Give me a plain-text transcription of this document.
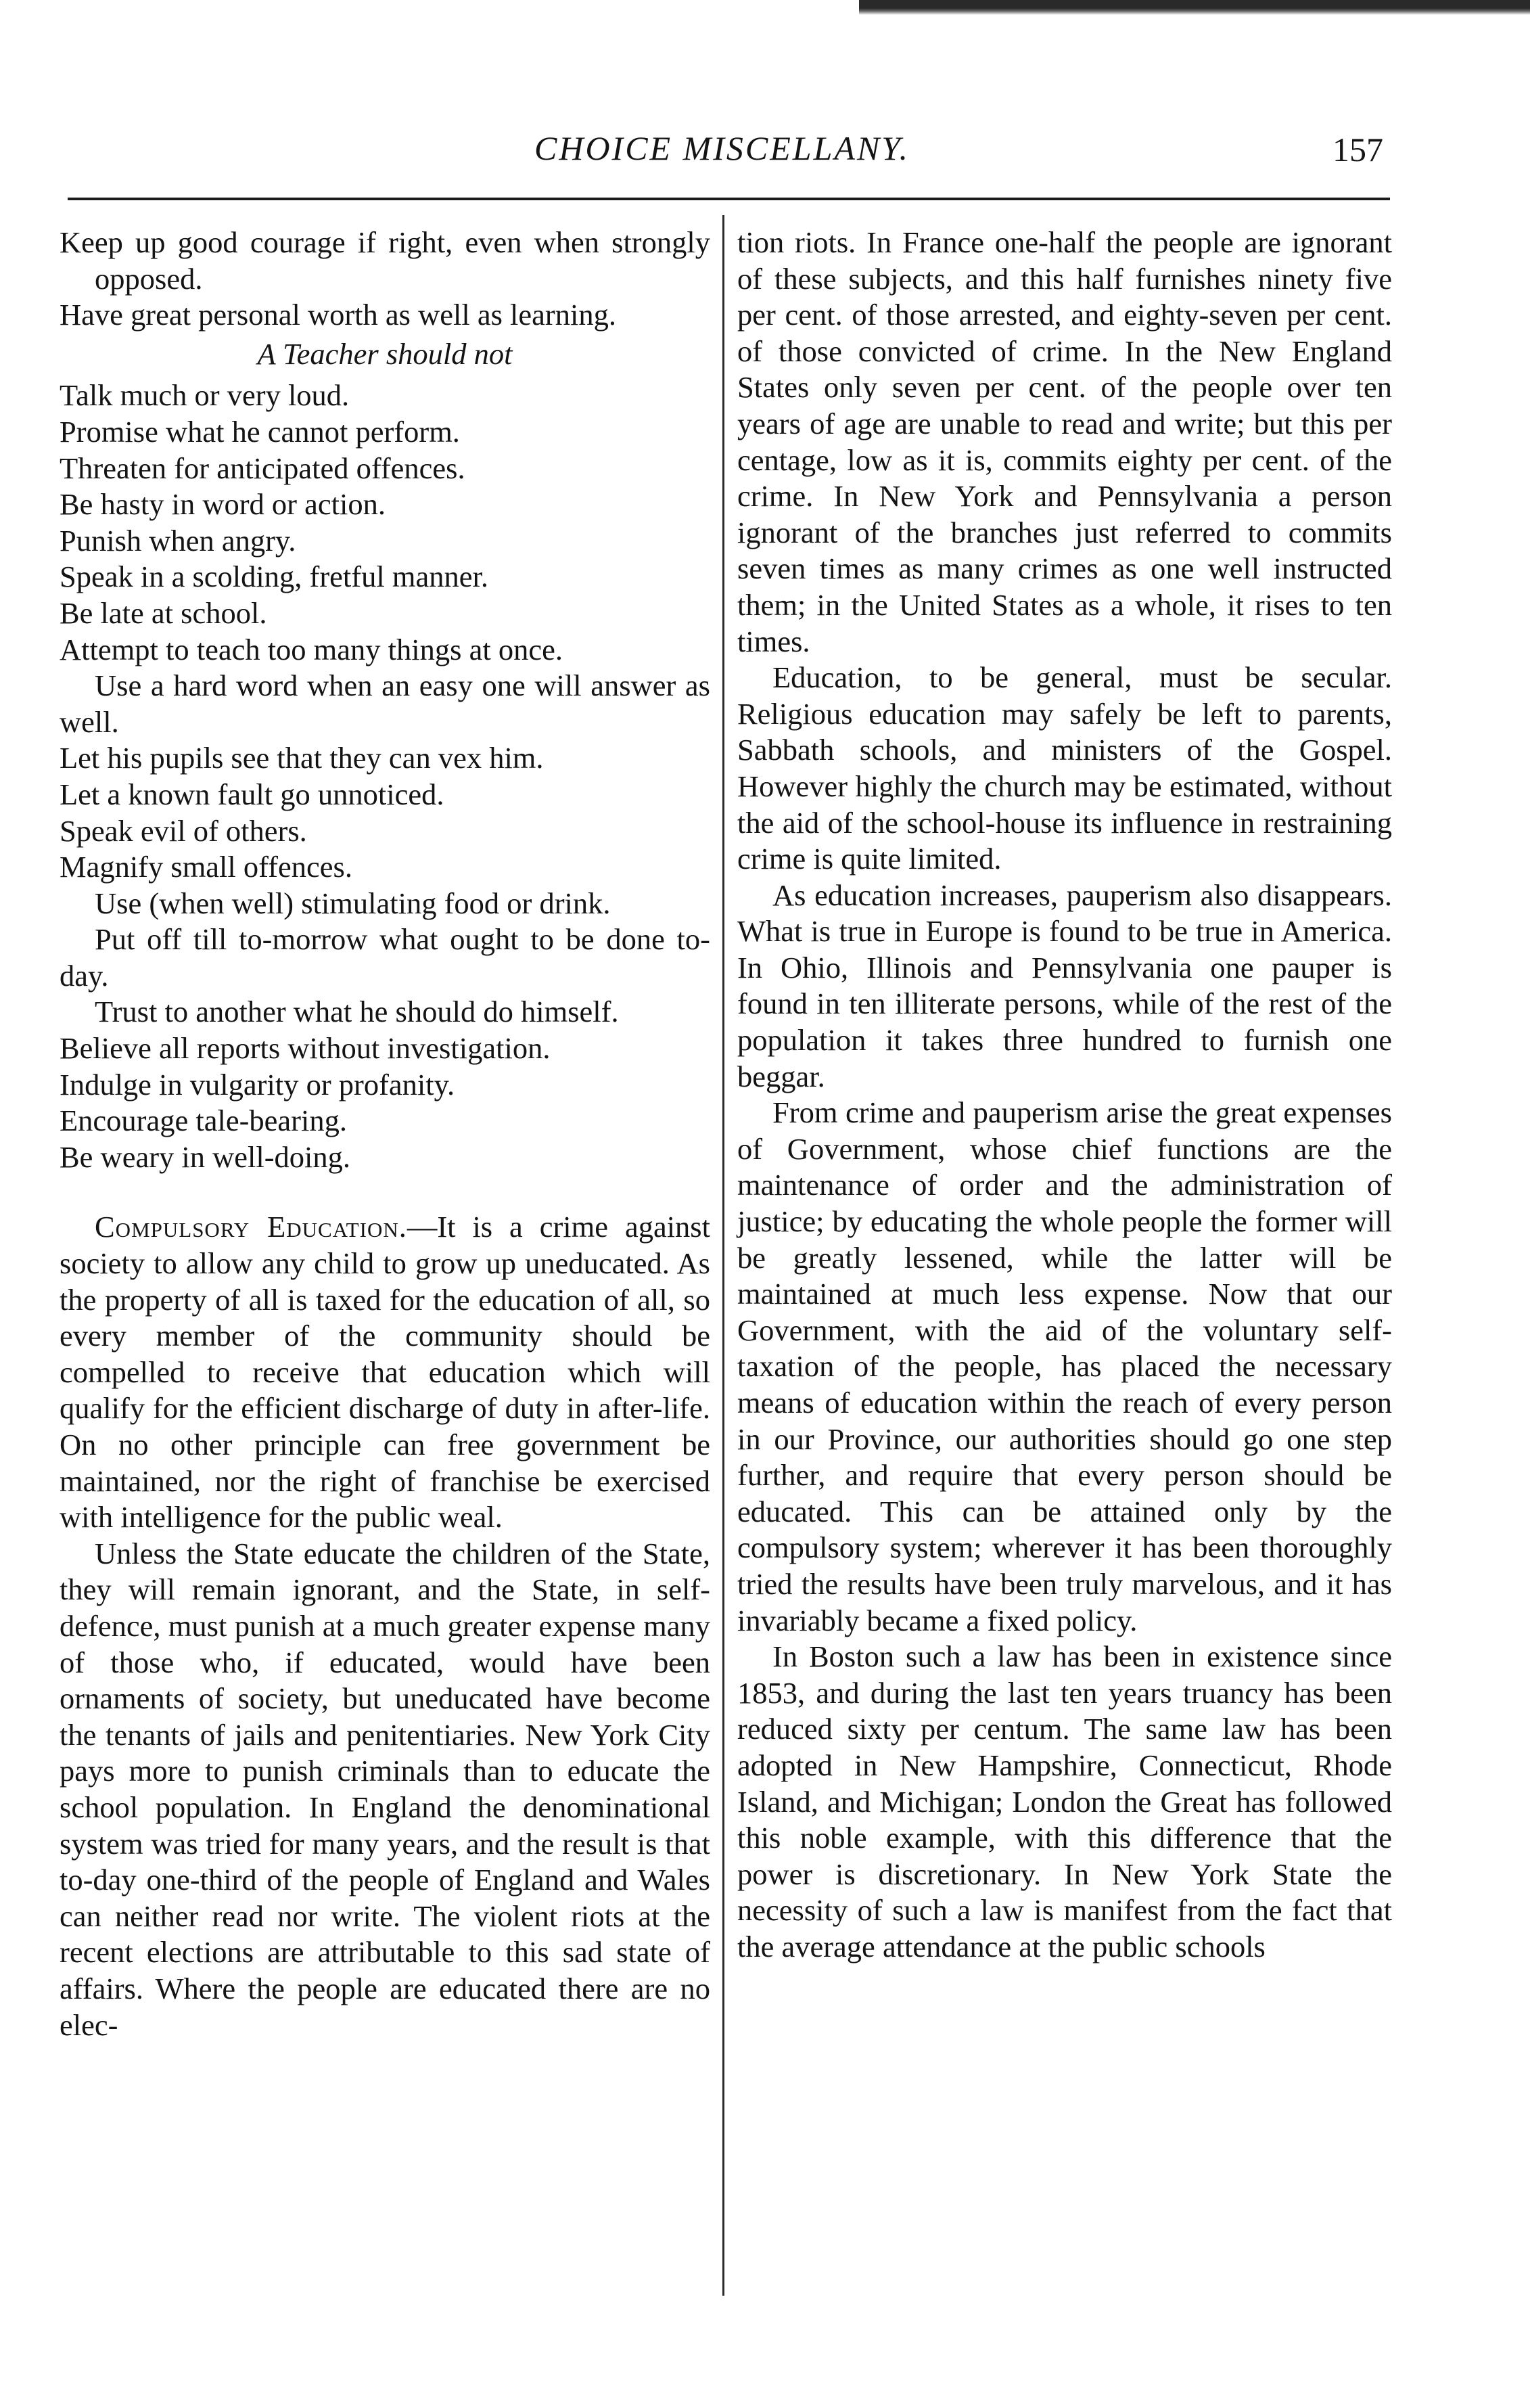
CHOICE MISCELLANY.	157

Keep up good courage if right, even when strongly opposed.

Have great personal worth as well as learning.

A Teacher should not
Talk much or very loud.
Promise what he cannot perform.
Threaten for anticipated offences.
Be hasty in word or action.
Punish when angry.
Speak in a scolding, fretful manner.
Be late at school.
Attempt to teach too many things at once.
Use a hard word when an easy one will answer as well.
Let his pupils see that they can vex him.
Let a known fault go unnoticed.
Speak evil of others.
Magnify small offences.
Use (when well) stimulating food or drink.
Put off till to-morrow what ought to be done to-day.
Trust to another what he should do himself.
Believe all reports without investigation.
Indulge in vulgarity or profanity.
Encourage tale-bearing.
Be weary in well-doing.

Compulsory Education.—It is a crime against society to allow any child to grow up uneducated. As the property of all is taxed for the education of all, so every member of the community should be compelled to receive that education which will qualify for the efficient discharge of duty in after-life. On no other principle can free government be maintained, nor the right of franchise be exercised with intelligence for the public weal.

Unless the State educate the children of the State, they will remain ignorant, and the State, in self-defence, must punish at a much greater expense many of those who, if educated, would have been ornaments of society, but uneducated have become the tenants of jails and penitentiaries. New York City pays more to punish criminals than to educate the school population. In England the denominational system was tried for many years, and the result is that to-day one-third of the people of England and Wales can neither read nor write. The violent riots at the recent elections are attributable to this sad state of affairs. Where the people are educated there are no elec-

tion riots. In France one-half the people are ignorant of these subjects, and this half furnishes ninety five per cent. of those arrested, and eighty-seven per cent. of those convicted of crime. In the New England States only seven per cent. of the people over ten years of age are unable to read and write; but this per centage, low as it is, commits eighty per cent. of the crime. In New York and Pennsylvania a person ignorant of the branches just referred to commits seven times as many crimes as one well instructed them; in the United States as a whole, it rises to ten times.

Education, to be general, must be secular. Religious education may safely be left to parents, Sabbath schools, and ministers of the Gospel. However highly the church may be estimated, without the aid of the school-house its influence in restraining crime is quite limited.

As education increases, pauperism also disappears. What is true in Europe is found to be true in America. In Ohio, Illinois and Pennsylvania one pauper is found in ten illiterate persons, while of the rest of the population it takes three hundred to furnish one beggar.

From crime and pauperism arise the great expenses of Government, whose chief functions are the maintenance of order and the administration of justice; by educating the whole people the former will be greatly lessened, while the latter will be maintained at much less expense. Now that our Government, with the aid of the voluntary self-taxation of the people, has placed the necessary means of education within the reach of every person in our Province, our authorities should go one step further, and require that every person should be educated. This can be attained only by the compulsory system; wherever it has been thoroughly tried the results have been truly marvelous, and it has invariably became a fixed policy.

In Boston such a law has been in existence since 1853, and during the last ten years truancy has been reduced sixty per centum. The same law has been adopted in New Hampshire, Connecticut, Rhode Island, and Michigan; London the Great has followed this noble example, with this difference that the power is discretionary. In New York State the necessity of such a law is manifest from the fact that the average attendance at the public schools
